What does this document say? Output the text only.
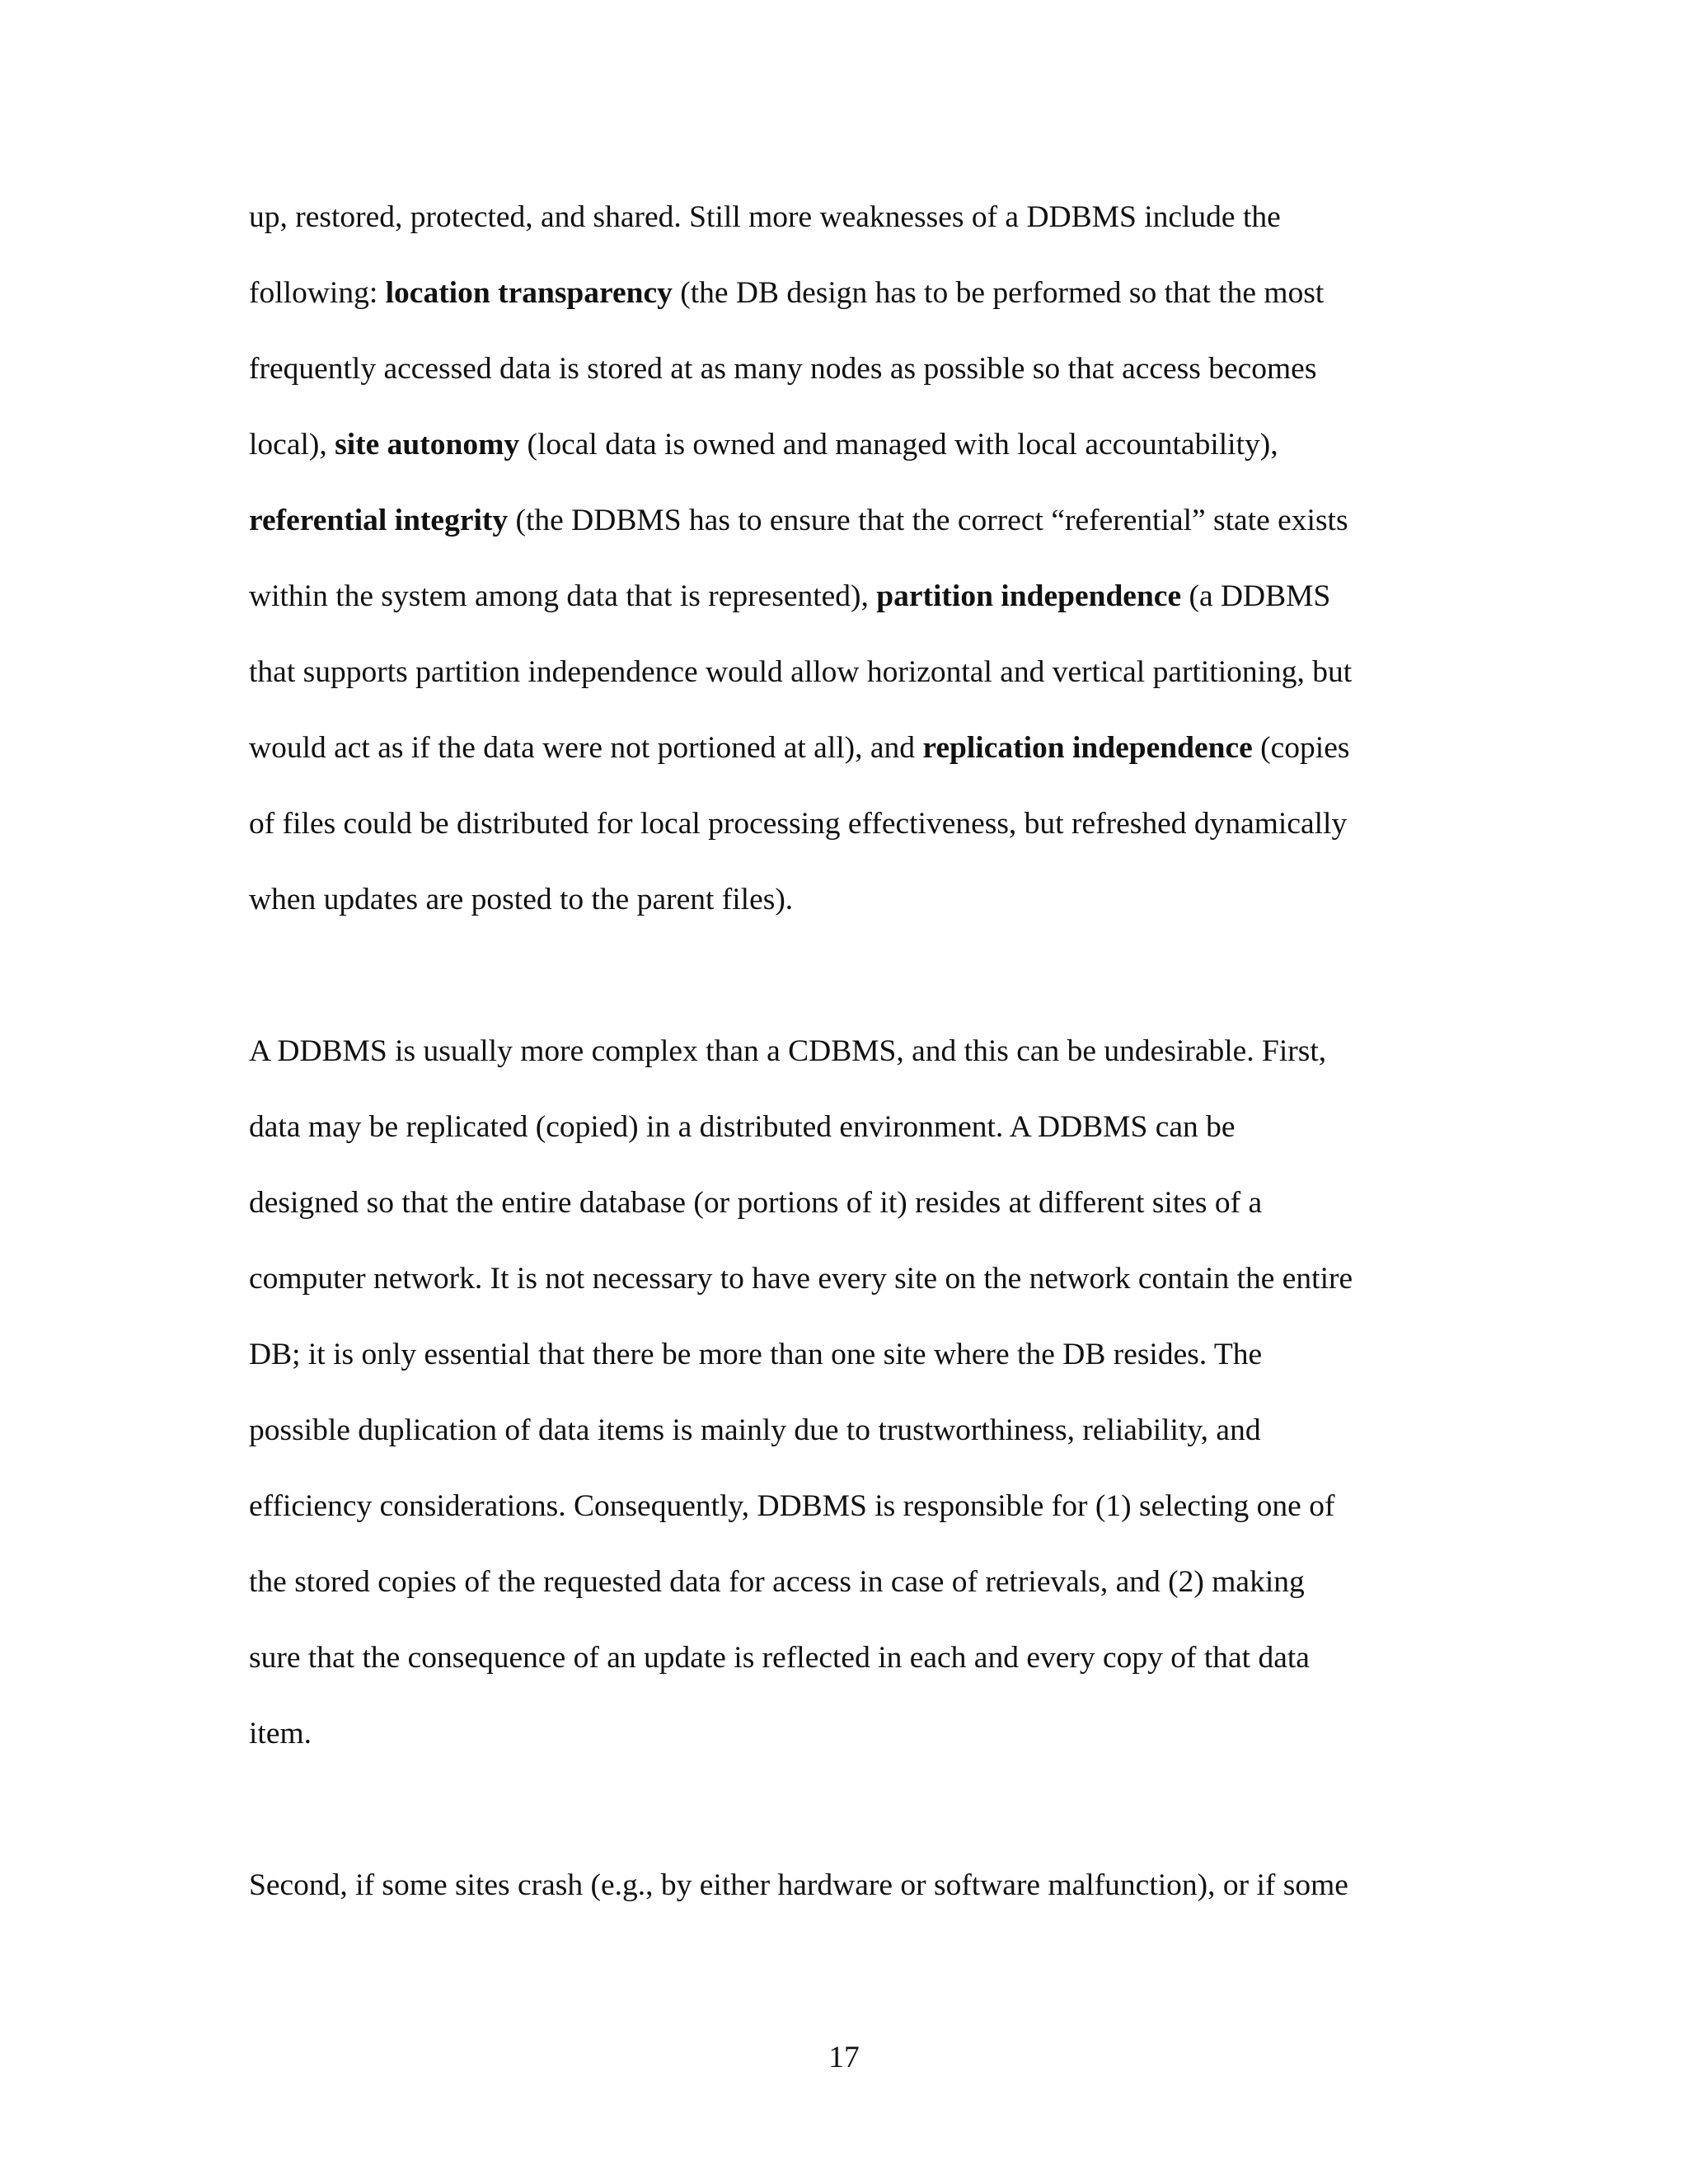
up, restored, protected, and shared. Still more weaknesses of a DDBMS include the
following: location transparency (the DB design has to be performed so that the most
frequently accessed data is stored at as many nodes as possible so that access becomes
local), site autonomy (local data is owned and managed with local accountability),
referential integrity (the DDBMS has to ensure that the correct “referential” state exists
within the system among data that is represented), partition independence (a DDBMS
that supports partition independence would allow horizontal and vertical partitioning, but
would act as if the data were not portioned at all), and replication independence (copies
of files could be distributed for local processing effectiveness, but refreshed dynamically
when updates are posted to the parent files).
A DDBMS is usually more complex than a CDBMS, and this can be undesirable. First,
data may be replicated (copied) in a distributed environment. A DDBMS can be
designed so that the entire database (or portions of it) resides at different sites of a
computer network. It is not necessary to have every site on the network contain the entire
DB; it is only essential that there be more than one site where the DB resides. The
possible duplication of data items is mainly due to trustworthiness, reliability, and
efficiency considerations. Consequently, DDBMS is responsible for (1) selecting one of
the stored copies of the requested data for access in case of retrievals, and (2) making
sure that the consequence of an update is reflected in each and every copy of that data
item.
Second, if some sites crash (e.g., by either hardware or software malfunction), or if some
17
